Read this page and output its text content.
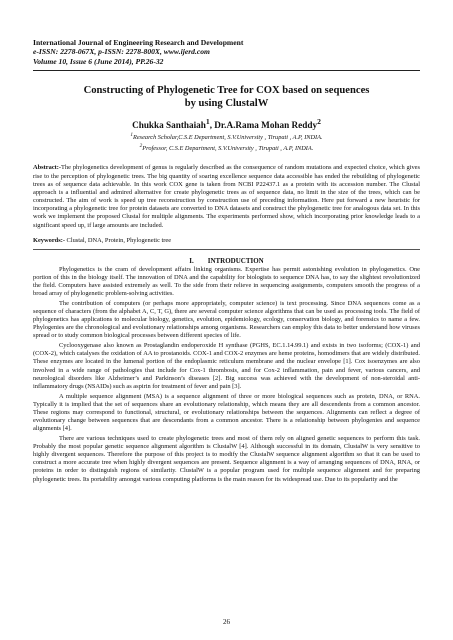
International Journal of Engineering Research and Development
e-ISSN: 2278-067X, p-ISSN: 2278-800X, www.ijerd.com
Volume 10, Issue 6 (June 2014), PP.26-32
Constructing of Phylogenetic Tree for COX based on sequences
by using ClustalW
Chukka Santhaiah$^1$, Dr.A.Rama Mohan Reddy$^2$
$^1$Research Scholar,C.S.E Department, S.V.University , Tirupati , A.P, INDIA.
$^2$Professor, C.S.E Department, S.V.University , Tirupati , A.P, INDIA.
Abstract:-The phylogenetics development of genus is regularly described as the consequence of random mutations and expected choice, which gives rise to the perception of phylogenetic trees. The big quantity of soaring excellence sequence data accessible has ended the rebuilding of phylogenetic trees as of sequence data achievable. In this work COX gene is taken from NCBI P22437.1 as a protein with its accession number. The Clustal approach is a influential and admired alternative for create phylogenetic trees as of sequence data, no limit in the size of the trees, which can be constructed. The aim of work is speed up tree reconstruction by construction use of preceding information. Here put forward a new heuristic for incorporating a phylogenetic tree for protein datasets are converted to DNA datasets and construct the phylogenetic tree for analogous data set. In this work we implement the proposed Clustal for multiple alignments. The experiments performed show, which incorporating prior knowledge leads to a significant speed up, if large amounts are included.
Keywords:- Clustal, DNA, Protein, Phylogenetic tree
I. INTRODUCTION

Phylogenetics is the cram of development affairs linking organisms. Expertise has permit astonishing evolution in phylogenetics. One portion of this in the biology itself. The innovation of DNA and the capability for biologists to sequence DNA has, to say the slightest revolutionized the field. Computers have assisted extremely as well. To the side from their relieve in sequencing assignments, computers smooth the progress of a broad array of phylogenetic problem-solving activities.

The contribution of computers (or perhaps more appropriately, computer science) is text processing. Since DNA sequences come as a sequence of characters (from the alphabet A, C, T, G), there are several computer science algorithms that can be used as processing tools. The field of phylogenetics has applications to molecular biology, genetics, evolution, epidemiology, ecology, conservation biology, and forensics to name a few. Phylogenies are the chronological and evolutionary relationships among organisms. Researchers can employ this data to better understand how viruses spread or to study common biological processes between different species of life.

Cyclooxygenase also known as Prostaglandin endoperoxide H synthase (PGHS, EC.1.14.99.1) and exists in two isoforms; (COX-1) and (COX-2), which catalyses the oxidation of AA to prostanoids. COX-1 and COX-2 enzymes are heme proteins, homodimers that are widely distributed. These enzymes are located in the lumenal portion of the endoplasmic reticulum membrane and the nuclear envelope [1]. Cox isoenzymes are also involved in a wide range of pathologies that include for Cox-1 thrombosis, and for Cox-2 inflammation, pain and fever, various cancers, and neurological disorders like Alzheimer’s and Parkinson’s diseases [2]. Big success was achieved with the development of non-steroidal anti-inflammatory drugs (NSAIDs) such as aspirin for treatment of fever and pain [3].

A multiple sequence alignment (MSA) is a sequence alignment of three or more biological sequences such as protein, DNA, or RNA. Typically it is implied that the set of sequences share an evolutionary relationship, which means they are all descendents from a common ancestor. These regions may correspond to functional, structural, or evolutionary relationships between the sequences. Alignments can reflect a degree of evolutionary change between sequences that are descendants from a common ancestor. There is a relationship between phylogenies and sequence alignments [4].

There are various techniques used to create phylogenetic trees and most of them rely on aligned genetic sequences to perform this task. Probably the most popular genetic sequence alignment algorithm is ClustalW [4]. Although successful in its domain, ClustalW is very sensitive to highly divergent sequences. Therefore the purpose of this project is to modify the ClustalW sequence alignment algorithm so that it can be used to construct a more accurate tree when highly divergent sequences are present. Sequence alignment is a way of arranging sequences of DNA, RNA, or proteins in order to distinguish regions of similarity. ClustalW is a popular program used for multiple sequence alignment and for preparing phylogenetic trees. Its portability amongst various computing platforms is the main reason for its widespread use. Due to its popularity and the

26
